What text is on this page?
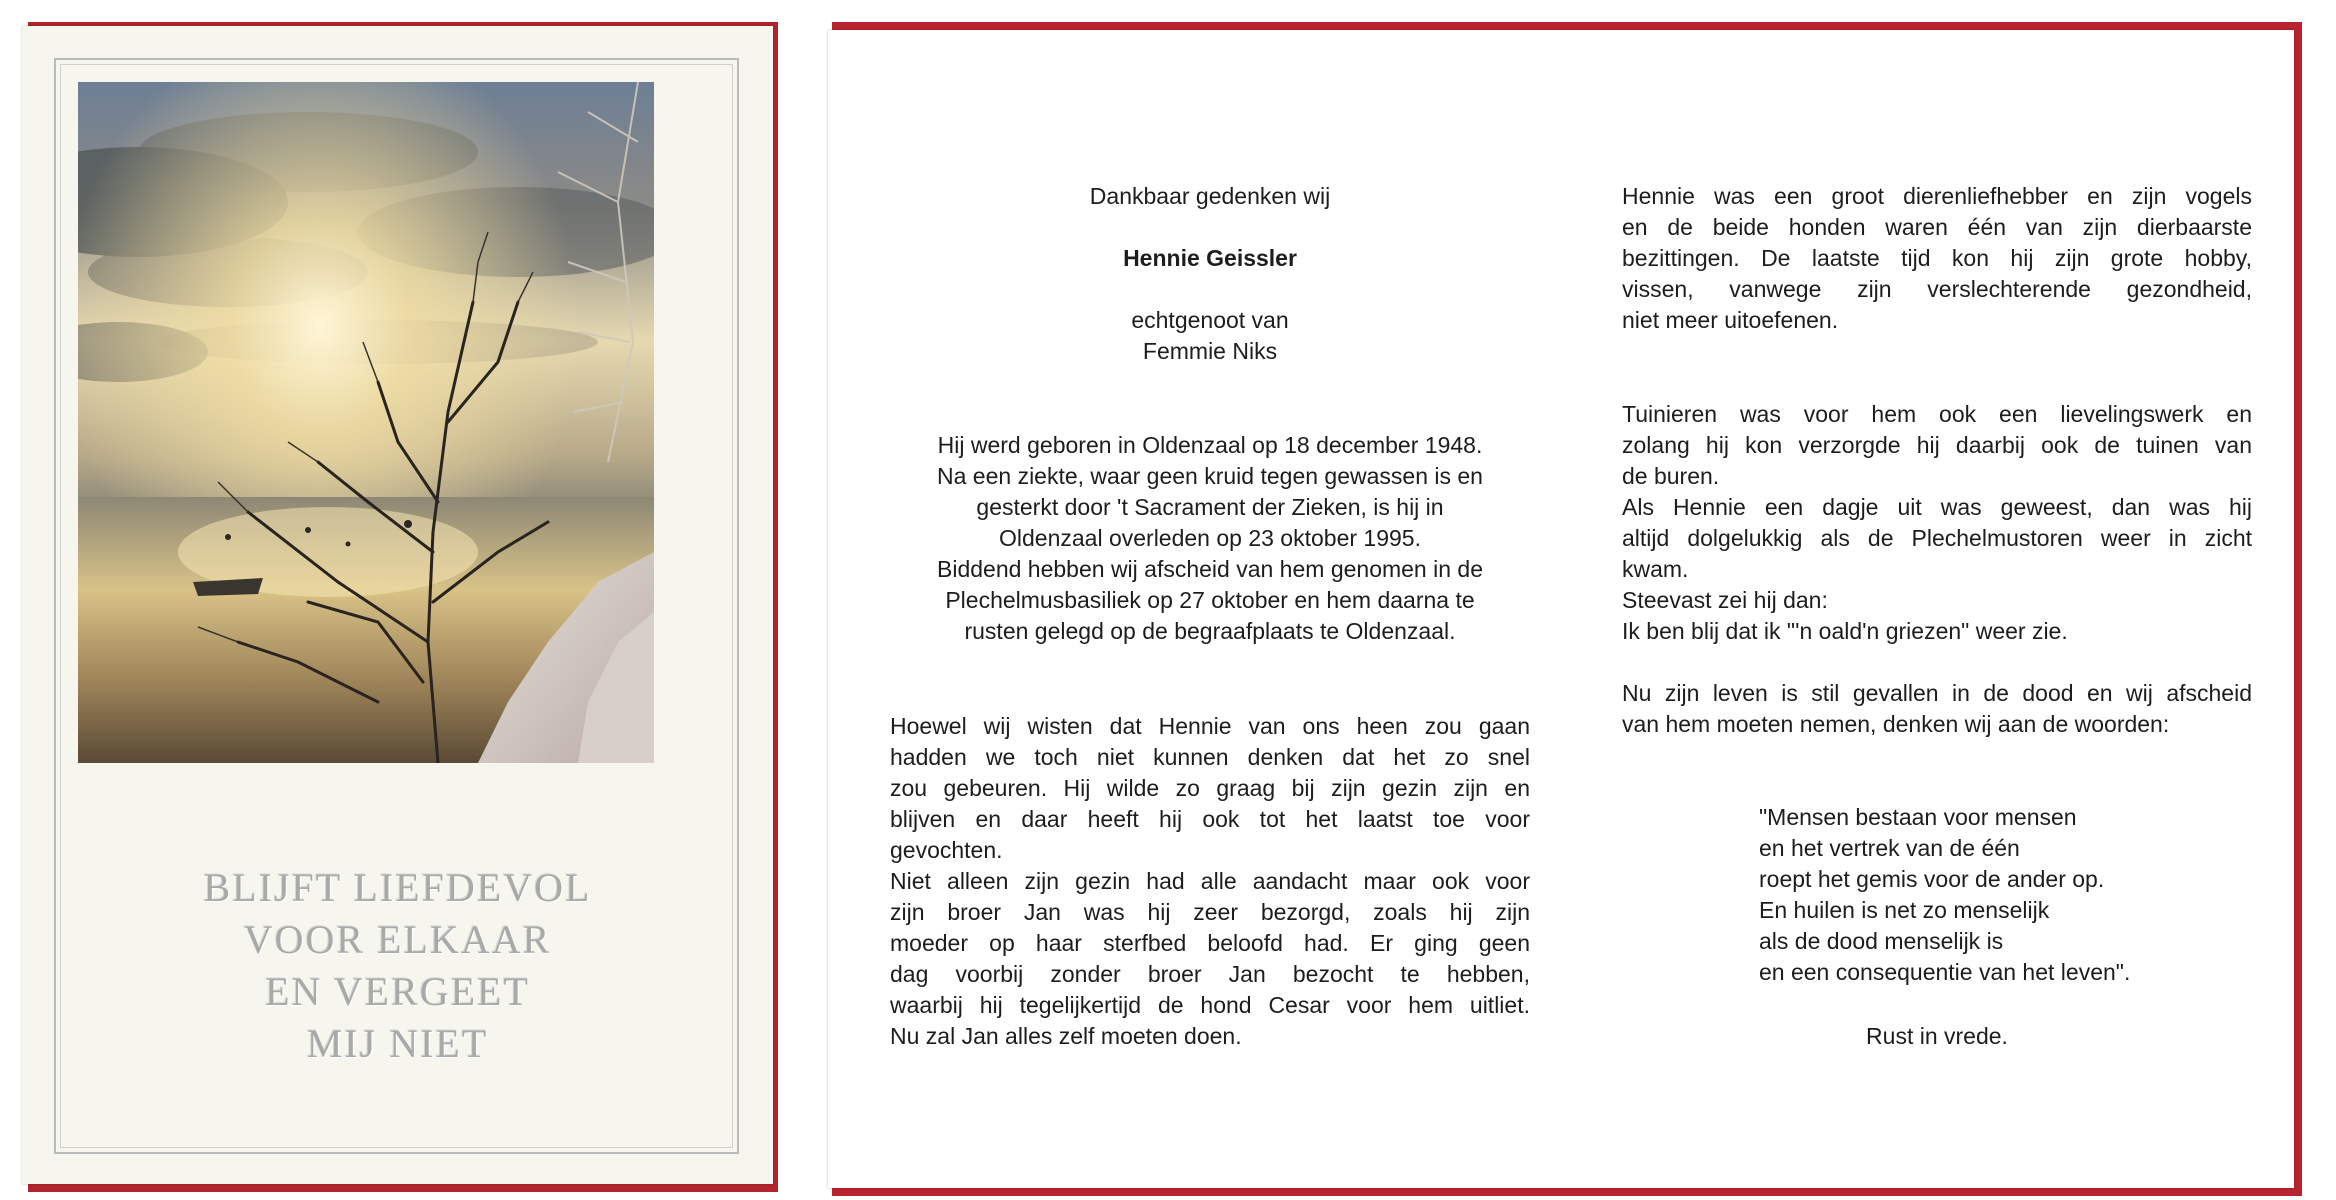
BLIJFT LIEFDEVOL
VOOR ELKAAR
EN VERGEET
MIJ NIET

Dankbaar gedenken wij

Hennie Geissler

echtgenoot van

Femmie Niks

Hij werd geboren in Oldenzaal op 18 december 1948.

Na een ziekte, waar geen kruid tegen gewassen is en

gesterkt door 't Sacrament der Zieken, is hij in

Oldenzaal overleden op 23 oktober 1995.

Biddend hebben wij afscheid van hem genomen in de

Plechelmusbasiliek op 27 oktober en hem daarna te

rusten gelegd op de begraafplaats te Oldenzaal.

Hoewel wij wisten dat Hennie van ons heen zou gaan
hadden we toch niet kunnen denken dat het zo snel
zou gebeuren. Hij wilde zo graag bij zijn gezin zijn en
blijven en daar heeft hij ook tot het laatst toe voor
gevochten.
Niet alleen zijn gezin had alle aandacht maar ook voor
zijn broer Jan was hij zeer bezorgd, zoals hij zijn
moeder op haar sterfbed beloofd had. Er ging geen
dag voorbij zonder broer Jan bezocht te hebben,
waarbij hij tegelijkertijd de hond Cesar voor hem uitliet.
Nu zal Jan alles zelf moeten doen.
Hennie was een groot dierenliefhebber en zijn vogels
en de beide honden waren één van zijn dierbaarste
bezittingen. De laatste tijd kon hij zijn grote hobby,
vissen, vanwege zijn verslechterende gezondheid,
niet meer uitoefenen.
Tuinieren was voor hem ook een lievelingswerk en
zolang hij kon verzorgde hij daarbij ook de tuinen van
de buren.
Als Hennie een dagje uit was geweest, dan was hij
altijd dolgelukkig als de Plechelmustoren weer in zicht
kwam.
Steevast zei hij dan:
Ik ben blij dat ik "'n oald'n griezen" weer zie.
Nu zijn leven is stil gevallen in de dood en wij afscheid
van hem moeten nemen, denken wij aan de woorden:

"Mensen bestaan voor mensen

en het vertrek van de één

roept het gemis voor de ander op.

En huilen is net zo menselijk

als de dood menselijk is

en een consequentie van het leven".

Rust in vrede.
